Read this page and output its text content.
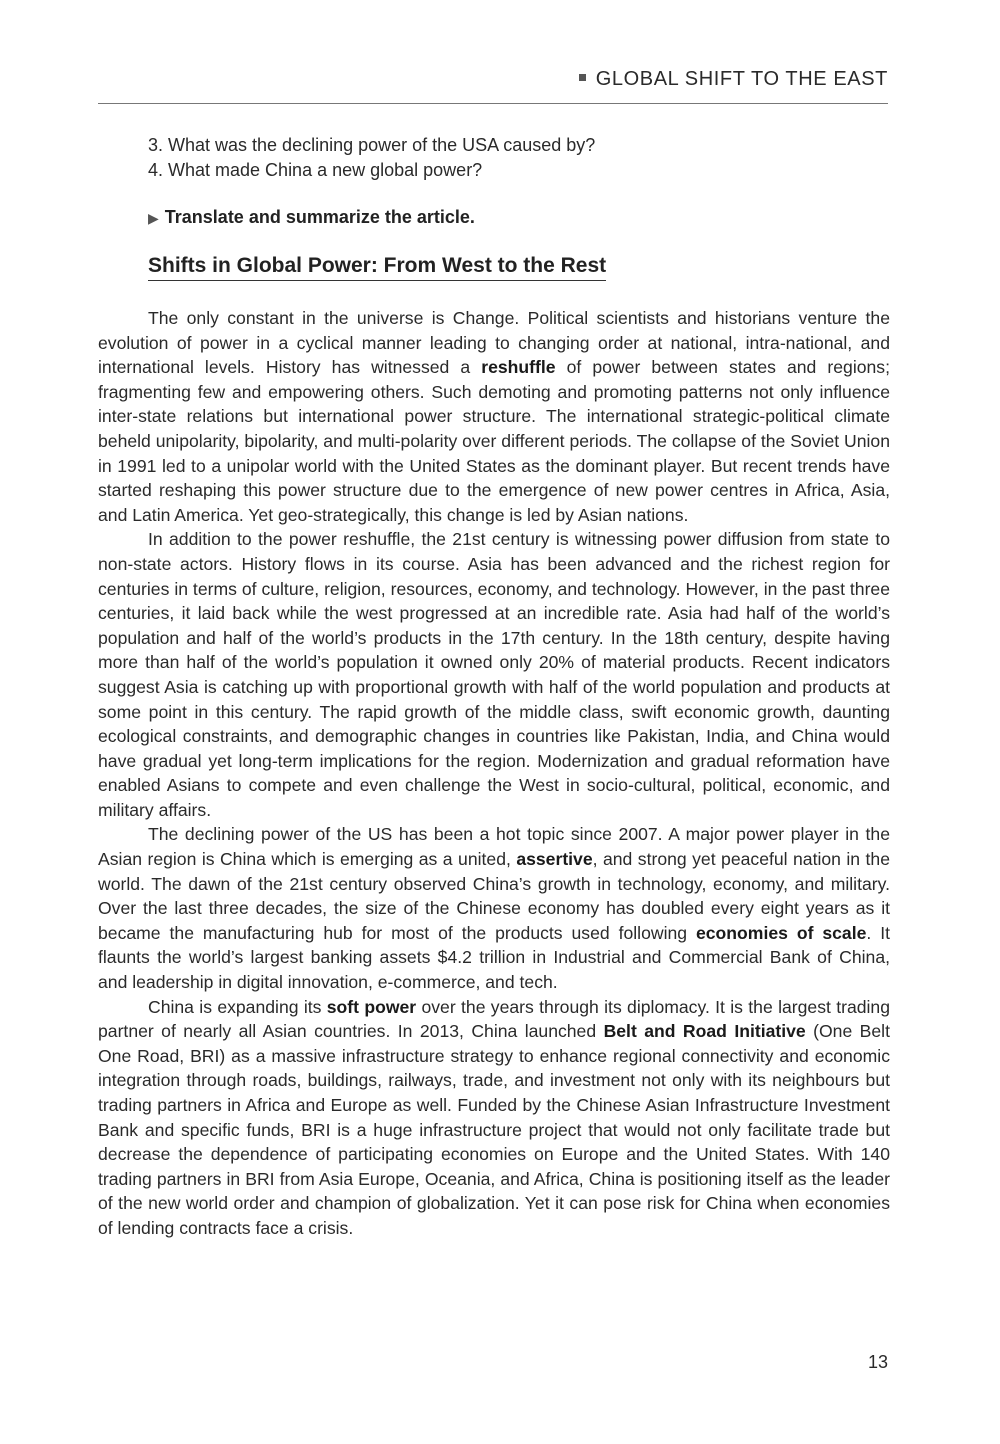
GLOBAL SHIFT TO THE EAST
3. What was the declining power of the USA caused by?
4. What made China a new global power?
▶ Translate and summarize the article.
Shifts in Global Power: From West to the Rest

The only constant in the universe is Change. Political scientists and historians venture the evolution of power in a cyclical manner leading to changing order at national, intra-national, and international levels. History has witnessed a reshuffle of power between states and regions; fragmenting few and empowering others. Such demoting and promoting patterns not only influence inter-state relations but international power structure. The international strategic-political climate beheld unipolarity, bipolarity, and multi-polarity over different periods. The collapse of the Soviet Union in 1991 led to a unipolar world with the United States as the dominant player. But recent trends have started reshaping this power structure due to the emergence of new power centres in Africa, Asia, and Latin America. Yet geo-strategically, this change is led by Asian nations.

In addition to the power reshuffle, the 21st century is witnessing power diffusion from state to non-state actors. History flows in its course. Asia has been advanced and the richest region for centuries in terms of culture, religion, resources, economy, and technology. However, in the past three centuries, it laid back while the west progressed at an incredible rate. Asia had half of the world’s population and half of the world’s products in the 17th century. In the 18th century, despite having more than half of the world’s population it owned only 20% of material products. Recent indicators suggest Asia is catching up with proportional growth with half of the world population and products at some point in this century. The rapid growth of the middle class, swift economic growth, daunting ecological constraints, and demographic changes in countries like Pakistan, India, and China would have gradual yet long-term implications for the region. Modernization and gradual reformation have enabled Asians to compete and even challenge the West in socio-cultural, political, economic, and military affairs.

The declining power of the US has been a hot topic since 2007. A major power player in the Asian region is China which is emerging as a united, assertive, and strong yet peaceful nation in the world. The dawn of the 21st century observed China’s growth in technology, economy, and military. Over the last three decades, the size of the Chinese economy has doubled every eight years as it became the manufacturing hub for most of the products used following economies of scale. It flaunts the world’s largest banking assets $4.2 trillion in Industrial and Commercial Bank of China, and leadership in digital innovation, e-commerce, and tech.

China is expanding its soft power over the years through its diplomacy. It is the largest trading partner of nearly all Asian countries. In 2013, China launched Belt and Road Initiative (One Belt One Road, BRI) as a massive infrastructure strategy to enhance regional connectivity and economic integration through roads, buildings, railways, trade, and investment not only with its neighbours but trading partners in Africa and Europe as well. Funded by the Chinese Asian Infrastructure Investment Bank and specific funds, BRI is a huge infrastructure project that would not only facilitate trade but decrease the dependence of participating economies on Europe and the United States. With 140 trading partners in BRI from Asia Europe, Oceania, and Africa, China is positioning itself as the leader of the new world order and champion of globalization. Yet it can pose risk for China when economies of lending contracts face a crisis.

13
